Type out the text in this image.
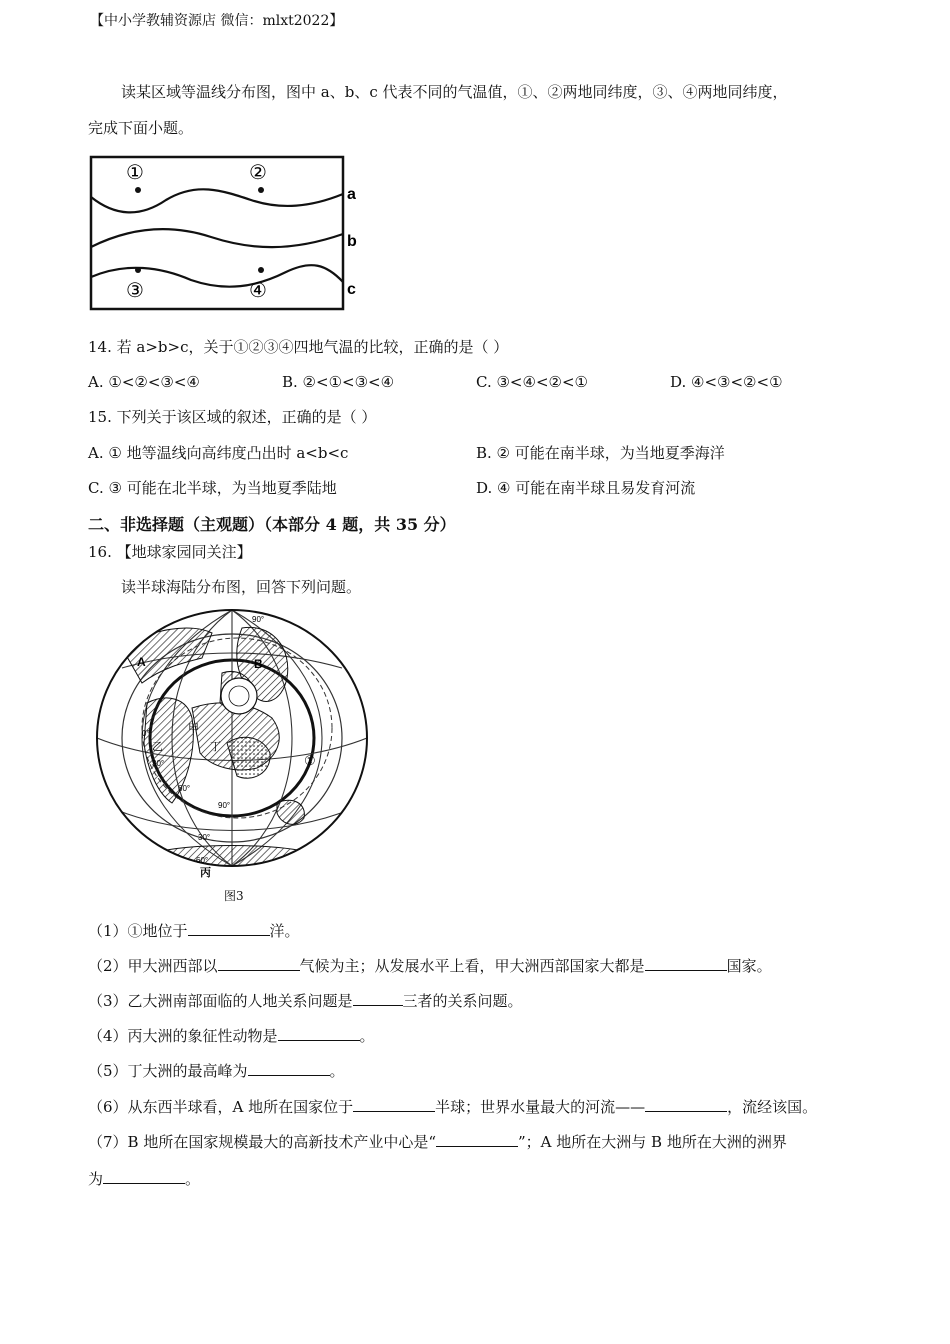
【中小学教辅资源店 微信：mlxt2022】
读某区域等温线分布图，图中 a、b、c 代表不同的气温值，①、②两地同纬度，③、④两地同纬度，
完成下面小题。
①	②
③	④
a
b
c
14. 若 a>b>c，关于①②③④四地气温的比较，正确的是（ ）
A. ①<②<③<④	B. ②<①<③<④	C. ③<④<②<①	D. ④<③<②<①
15. 下列关于该区域的叙述，正确的是（ ）
A. ① 地等温线向高纬度凸出时 a<b<c	B. ② 可能在南半球，为当地夏季海洋
C. ③ 可能在北半球，为当地夏季陆地	D. ④ 可能在南半球且易发育河流
二、非选择题（主观题）（本部分 4 题，共 35 分）
16. 【地球家园同关注】
读半球海陆分布图，回答下列问题。
A	B
甲
乙	丁
丙
①
90°
0°
30°
60°
90°
30°
60°
图3
（1）①地位于	洋。
（2）甲大洲西部以	气候为主；从发展水平上看，甲大洲西部国家大都是	国家。
（3）乙大洲南部面临的人地关系问题是	三者的关系问题。
（4）丙大洲的象征性动物是	。
（5）丁大洲的最高峰为	。
（6）从东西半球看，A 地所在国家位于	半球；世界水量最大的河流——	，流经该国。
（7）B 地所在国家规模最大的高新技术产业中心是“	”；A 地所在大洲与 B 地所在大洲的洲界
为	。
